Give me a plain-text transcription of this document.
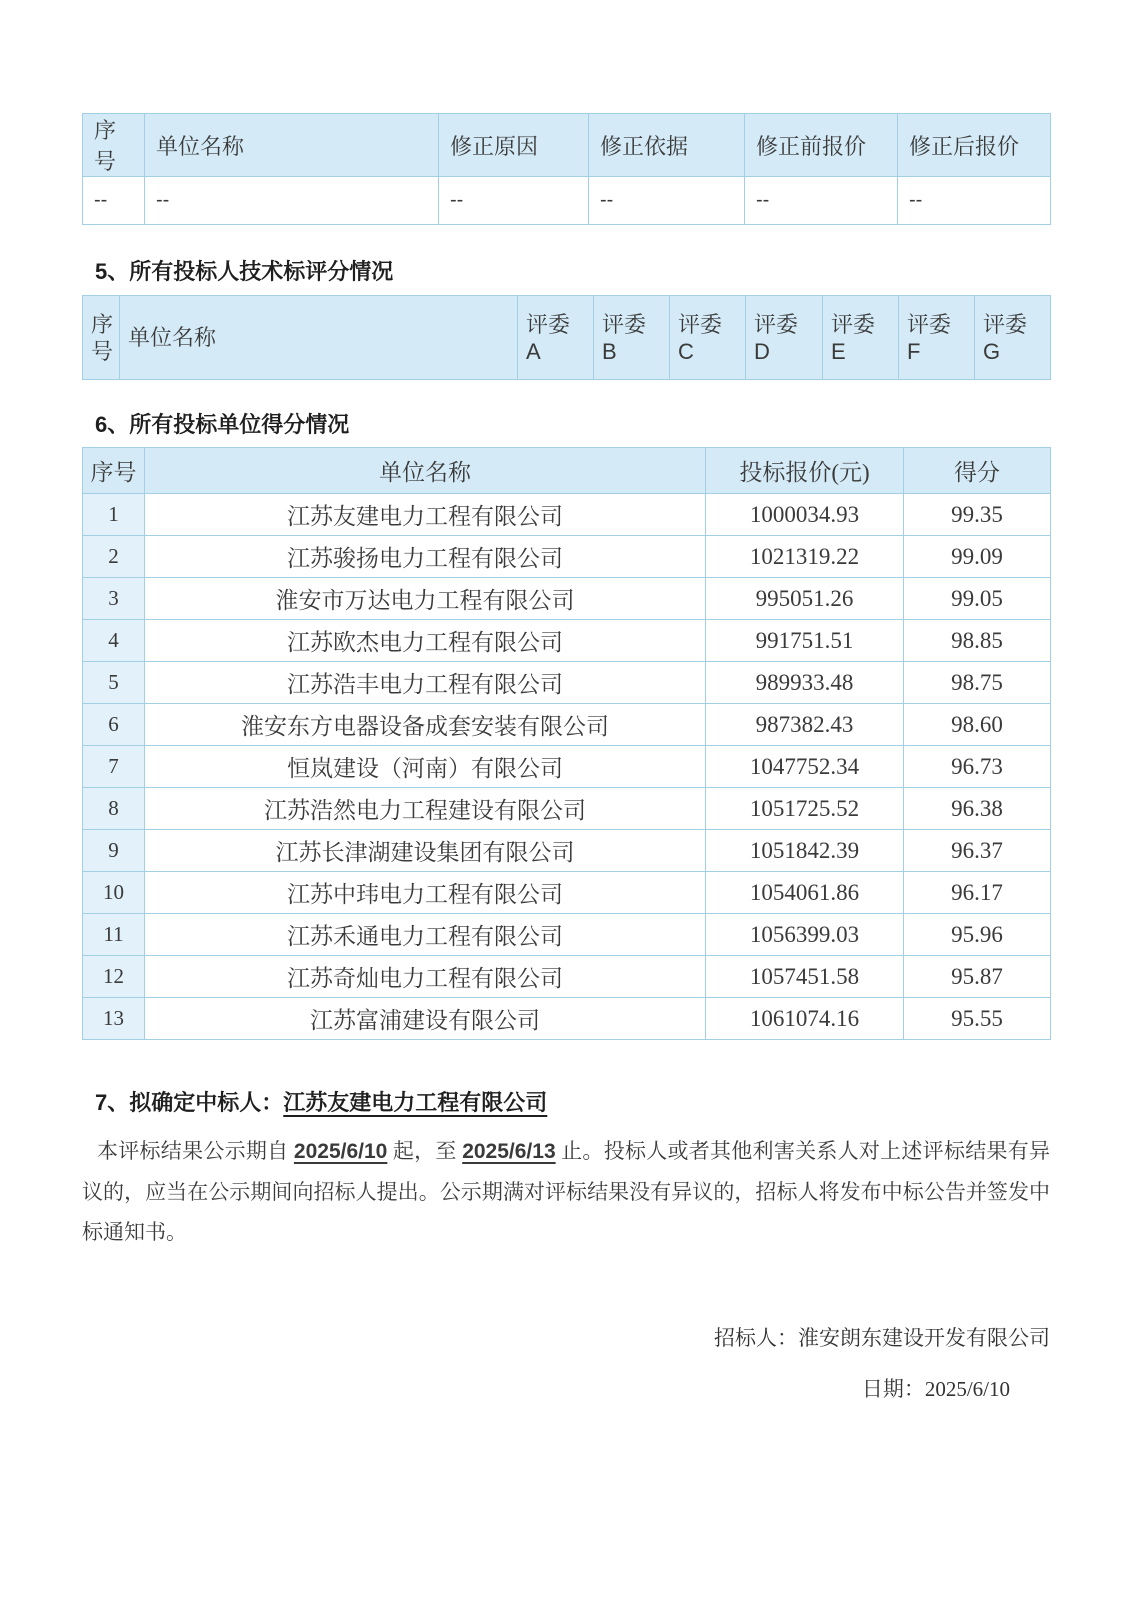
序号	单位名称	修正原因	修正依据	修正前报价	修正后报价
--	--	--	--	--	--
5、所有投标人技术标评分情况
序号	单位名称	评委 A	评委 B	评委 C	评委 D	评委 E	评委 F	评委 G
6、所有投标单位得分情况
序号	单位名称	投标报价(元)	得分
1	江苏友建电力工程有限公司	1000034.93	99.35
2	江苏骏扬电力工程有限公司	1021319.22	99.09
3	淮安市万达电力工程有限公司	995051.26	99.05
4	江苏欧杰电力工程有限公司	991751.51	98.85
5	江苏浩丰电力工程有限公司	989933.48	98.75
6	淮安东方电器设备成套安装有限公司	987382.43	98.60
7	恒岚建设（河南）有限公司	1047752.34	96.73
8	江苏浩然电力工程建设有限公司	1051725.52	96.38
9	江苏长津湖建设集团有限公司	1051842.39	96.37
10	江苏中玮电力工程有限公司	1054061.86	96.17
11	江苏禾通电力工程有限公司	1056399.03	95.96
12	江苏奇灿电力工程有限公司	1057451.58	95.87
13	江苏富浦建设有限公司	1061074.16	95.55
7、拟确定中标人：江苏友建电力工程有限公司

本评标结果公示期自 2025/6/10 起，至 2025/6/13 止。投标人或者其他利害关系人对上述评标结果有异议的，应当在公示期间向招标人提出。公示期满对评标结果没有异议的，招标人将发布中标公告并签发中标通知书。

招标人：淮安朗东建设开发有限公司
日期：2025/6/10
